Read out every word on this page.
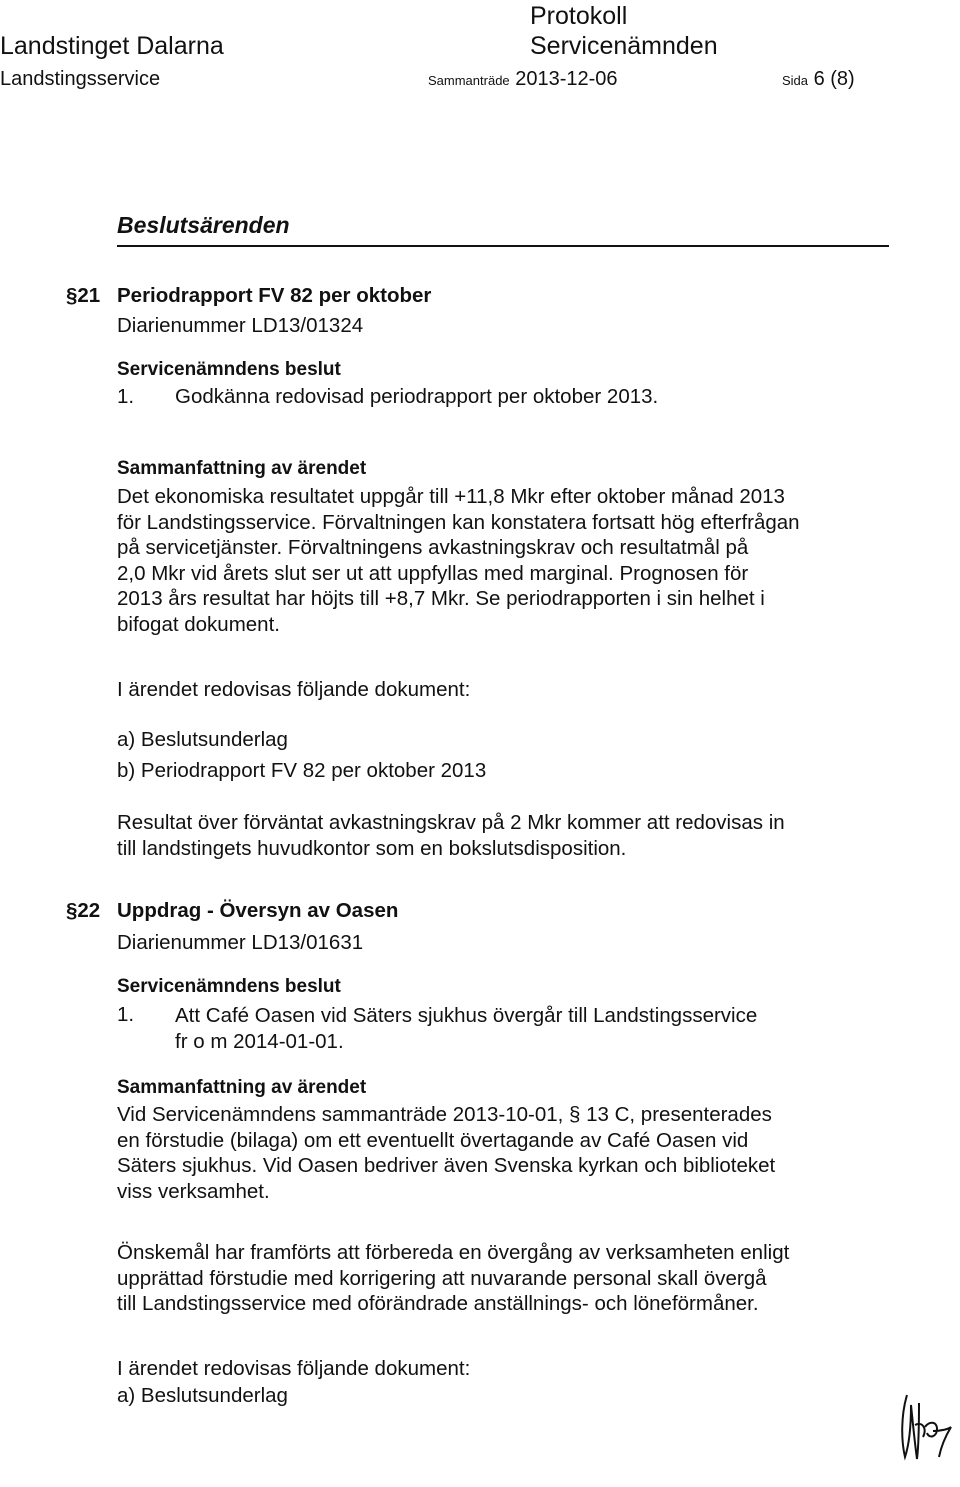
Landstinget Dalarna
Landstingsservice
Protokoll
Servicenämnden
Sammanträde 2013-12-06	Sida 6 (8)
Beslutsärenden
§21 Periodrapport FV 82 per oktober
Diarienummer LD13/01324
Servicenämndens beslut
1. Godkänna redovisad periodrapport per oktober 2013.
Sammanfattning av ärendet
Det ekonomiska resultatet uppgår till +11,8 Mkr efter oktober månad 2013
för Landstingsservice. Förvaltningen kan konstatera fortsatt hög efterfrågan
på servicetjänster. Förvaltningens avkastningskrav och resultatmål på
2,0 Mkr vid årets slut ser ut att uppfyllas med marginal. Prognosen för
2013 års resultat har höjts till +8,7 Mkr. Se periodrapporten i sin helhet i
bifogat dokument.
I ärendet redovisas följande dokument:
a) Beslutsunderlag
b) Periodrapport FV 82 per oktober 2013
Resultat över förväntat avkastningskrav på 2 Mkr kommer att redovisas in
till landstingets huvudkontor som en bokslutsdisposition.
§22 Uppdrag - Översyn av Oasen
Diarienummer LD13/01631
Servicenämndens beslut
1. Att Café Oasen vid Säters sjukhus övergår till Landstingsservice
fr o m 2014-01-01.
Sammanfattning av ärendet
Vid Servicenämndens sammanträde 2013-10-01, § 13 C, presenterades
en förstudie (bilaga) om ett eventuellt övertagande av Café Oasen vid
Säters sjukhus. Vid Oasen bedriver även Svenska kyrkan och biblioteket
viss verksamhet.
Önskemål har framförts att förbereda en övergång av verksamheten enligt
upprättad förstudie med korrigering att nuvarande personal skall övergå
till Landstingsservice med oförändrade anställnings- och löneförmåner.
I ärendet redovisas följande dokument:
a) Beslutsunderlag
